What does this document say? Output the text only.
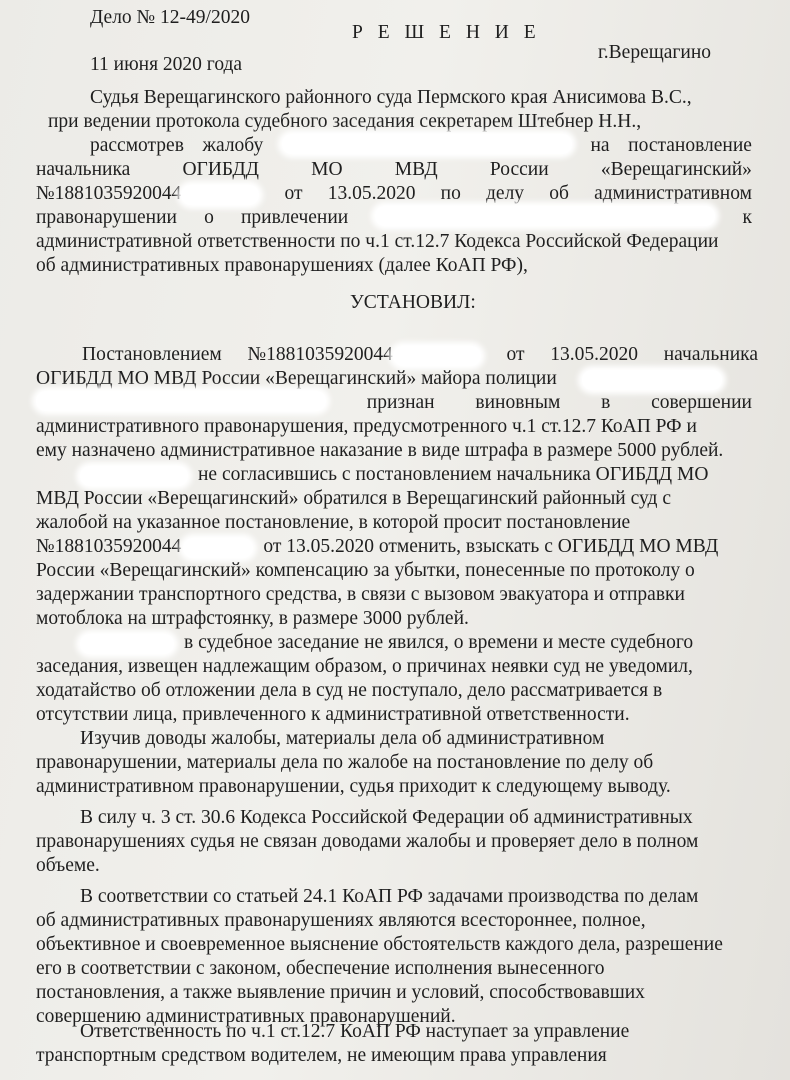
Дело № 12-49/2020
Р Е Ш Е Н И Е
11 июня 2020 года
г.Верещагино
Судья Верещагинского районного суда Пермского края Анисимова В.С.,
при ведении протокола судебного заседания секретарем Штебнер Н.Н.,
рассмотрев жалобу	на постановление
начальника	ОГИБДД	МО	МВД	России	«Верещагинский»
№1881035920044	от 13.05.2020 по делу об административном
правонарушении о привлечении	к
административной ответственности по ч.1 ст.12.7 Кодекса Российской Федерации
об административных правонарушениях (далее КоАП РФ),
УСТАНОВИЛ:
Постановлением №1881035920044	от 13.05.2020 начальника
ОГИБДД МО МВД России «Верещагинский» майора полиции
признан виновным в совершении
административного правонарушения, предусмотренного ч.1 ст.12.7 КоАП РФ и
ему назначено административное наказание в виде штрафа в размере 5000 рублей.
не согласившись с постановлением начальника ОГИБДД МО
МВД России «Верещагинский» обратился в Верещагинский районный суд с
жалобой на указанное постановление, в которой просит постановление
№1881035920044	от 13.05.2020 отменить, взыскать с ОГИБДД МО МВД
России «Верещагинский» компенсацию за убытки, понесенные по протоколу о
задержании транспортного средства, в связи с вызовом эвакуатора и отправки
мотоблока на штрафстоянку, в размере 3000 рублей.
в судебное заседание не явился, о времени и месте судебного
заседания, извещен надлежащим образом, о причинах неявки суд не уведомил,
ходатайство об отложении дела в суд не поступало, дело рассматривается в
отсутствии лица, привлеченного к административной ответственности.
Изучив доводы жалобы, материалы дела об административном
правонарушении, материалы дела по жалобе на постановление по делу об
административном правонарушении, судья приходит к следующему выводу.
В силу ч. 3 ст. 30.6 Кодекса Российской Федерации об административных
правонарушениях судья не связан доводами жалобы и проверяет дело в полном
объеме.
В соответствии со статьей 24.1 КоАП РФ задачами производства по делам
об административных правонарушениях являются всестороннее, полное,
объективное и своевременное выяснение обстоятельств каждого дела, разрешение
его в соответствии с законом, обеспечение исполнения вынесенного
постановления, а также выявление причин и условий, способствовавших
совершению административных правонарушений.
Ответственность по ч.1 ст.12.7 КоАП РФ наступает за управление
транспортным средством водителем, не имеющим права управления
